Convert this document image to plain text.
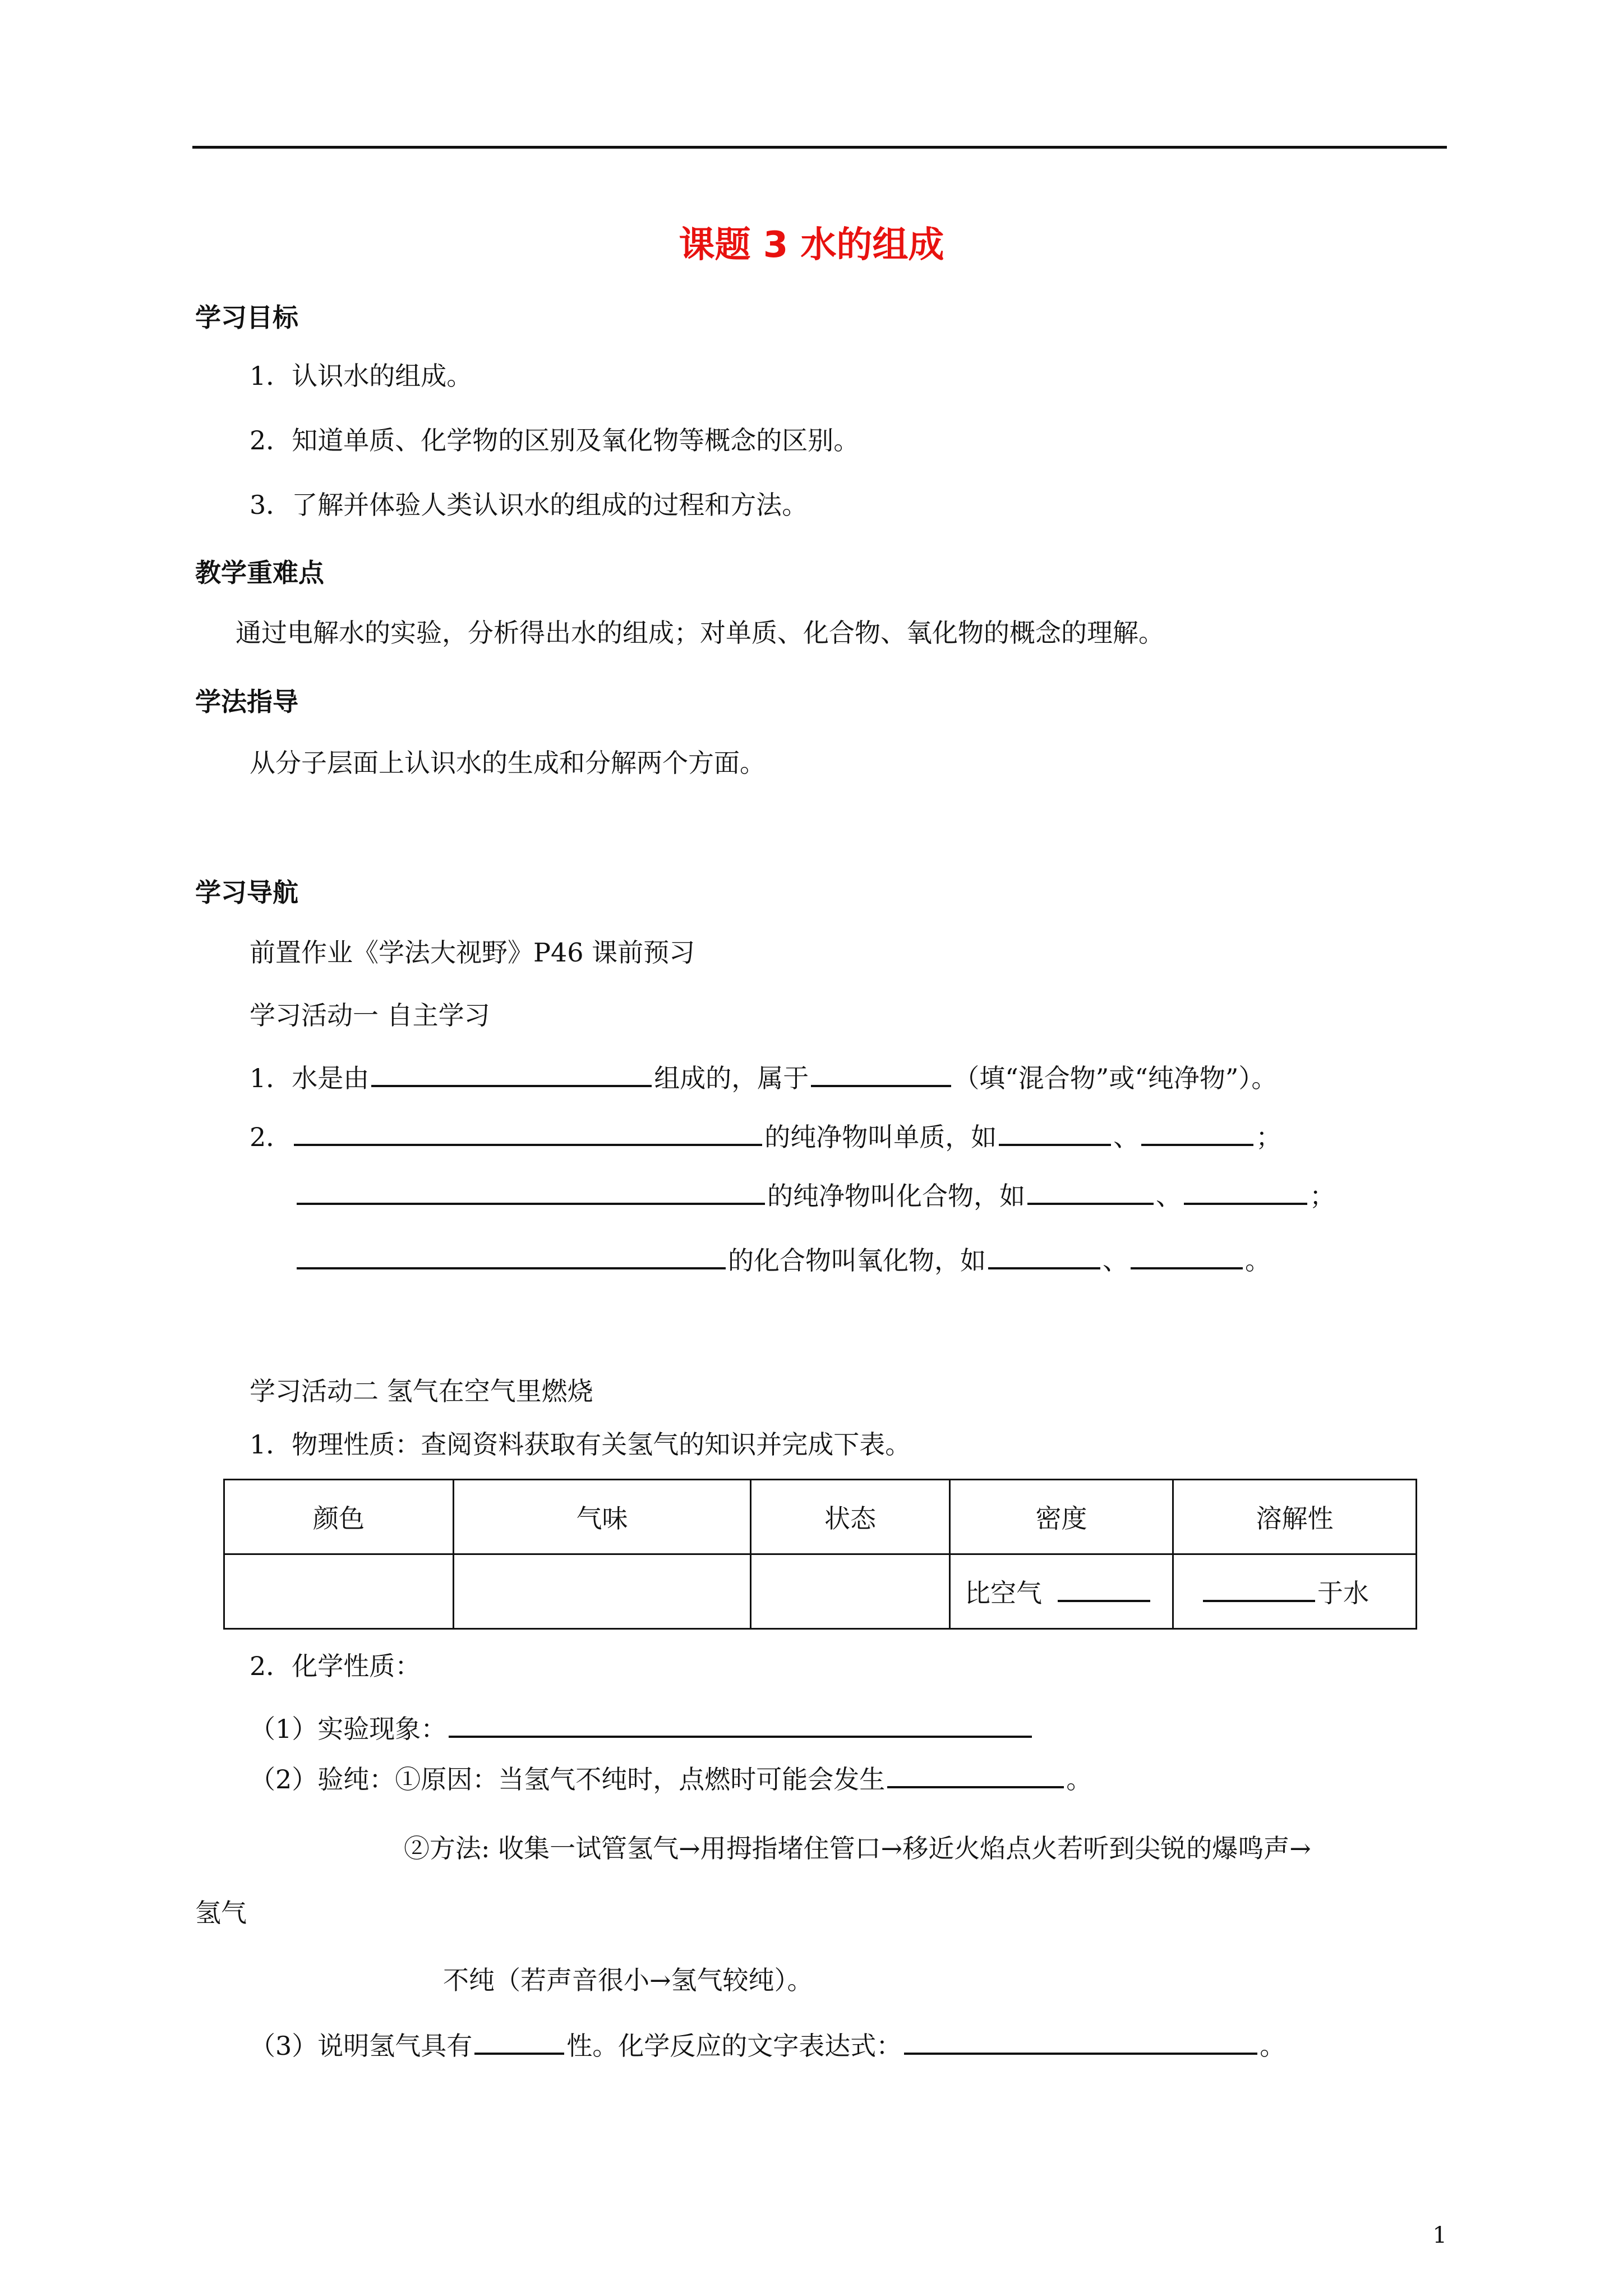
课题 3 水的组成
学习目标
1．认识水的组成。
2．知道单质、化学物的区别及氧化物等概念的区别。
3．了解并体验人类认识水的组成的过程和方法。
教学重难点
通过电解水的实验，分析得出水的组成；对单质、化合物、氧化物的概念的理解。
学法指导
从分子层面上认识水的生成和分解两个方面。
学习导航
前置作业《学法大视野》P46 课前预习
学习活动一 自主学习
1．水是由	组成的，属于	（填“混合物”或“纯净物”）。
2．	的纯净物叫单质，如	、	；
的纯净物叫化合物，如	、	；
的化合物叫氧化物，如	、	。
学习活动二 氢气在空气里燃烧
1．物理性质：查阅资料获取有关氢气的知识并完成下表。
颜色	气味	状态	密度	溶解性
			比空气	于水
2．化学性质：
（1）实验现象：
（2）验纯：①原因：当氢气不纯时，点燃时可能会发生	。
②方法: 收集一试管氢气→用拇指堵住管口→移近火焰点火若听到尖锐的爆鸣声→
氢气
不纯（若声音很小→氢气较纯）。
（3）说明氢气具有	性。化学反应的文字表达式：	。
1
